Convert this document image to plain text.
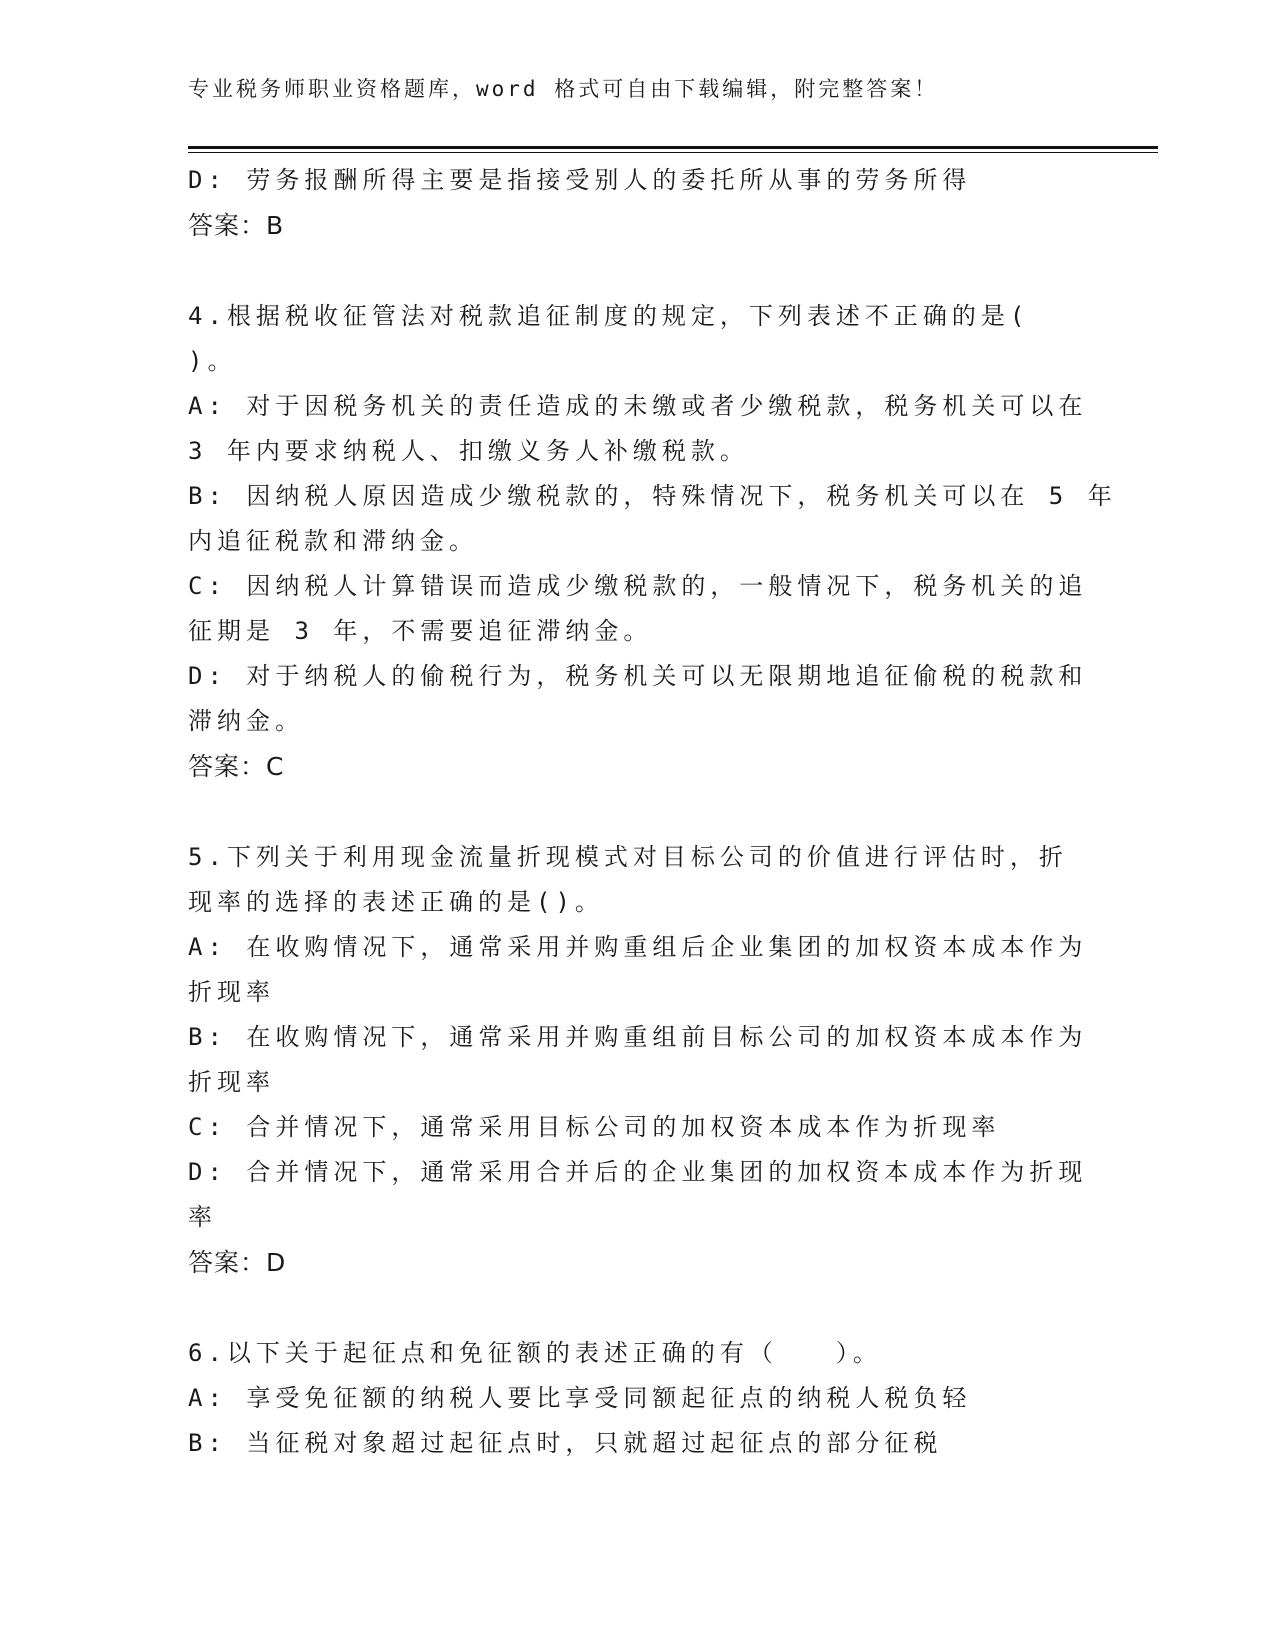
专业税务师职业资格题库，word 格式可自由下载编辑，附完整答案！
D: 劳务报酬所得主要是指接受别人的委托所从事的劳务所得
答案：B
4.根据税收征管法对税款追征制度的规定，下列表述不正确的是(
)。
A: 对于因税务机关的责任造成的未缴或者少缴税款，税务机关可以在
3 年内要求纳税人、扣缴义务人补缴税款。
B: 因纳税人原因造成少缴税款的，特殊情况下，税务机关可以在 5 年
内追征税款和滞纳金。
C: 因纳税人计算错误而造成少缴税款的，一般情况下，税务机关的追
征期是 3 年，不需要追征滞纳金。
D: 对于纳税人的偷税行为，税务机关可以无限期地追征偷税的税款和
滞纳金。
答案：C
5.下列关于利用现金流量折现模式对目标公司的价值进行评估时，折
现率的选择的表述正确的是()。
A: 在收购情况下，通常采用并购重组后企业集团的加权资本成本作为
折现率
B: 在收购情况下，通常采用并购重组前目标公司的加权资本成本作为
折现率
C: 合并情况下，通常采用目标公司的加权资本成本作为折现率
D: 合并情况下，通常采用合并后的企业集团的加权资本成本作为折现
率
答案：D
6.以下关于起征点和免征额的表述正确的有（　　）。
A: 享受免征额的纳税人要比享受同额起征点的纳税人税负轻
B: 当征税对象超过起征点时，只就超过起征点的部分征税
